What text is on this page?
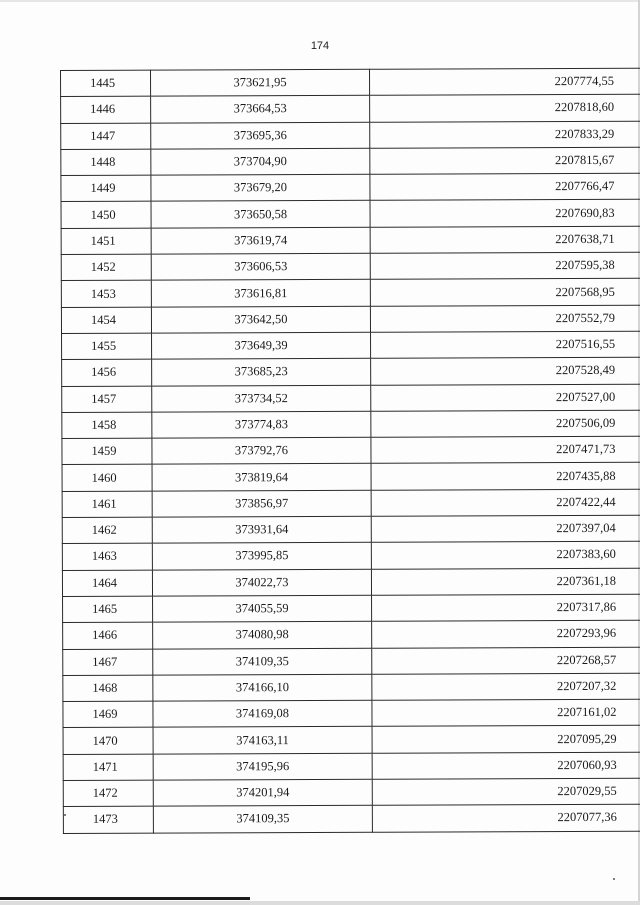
174
1445	373621,95	2207774,55
1446	373664,53	2207818,60
1447	373695,36	2207833,29
1448	373704,90	2207815,67
1449	373679,20	2207766,47
1450	373650,58	2207690,83
1451	373619,74	2207638,71
1452	373606,53	2207595,38
1453	373616,81	2207568,95
1454	373642,50	2207552,79
1455	373649,39	2207516,55
1456	373685,23	2207528,49
1457	373734,52	2207527,00
1458	373774,83	2207506,09
1459	373792,76	2207471,73
1460	373819,64	2207435,88
1461	373856,97	2207422,44
1462	373931,64	2207397,04
1463	373995,85	2207383,60
1464	374022,73	2207361,18
1465	374055,59	2207317,86
1466	374080,98	2207293,96
1467	374109,35	2207268,57
1468	374166,10	2207207,32
1469	374169,08	2207161,02
1470	374163,11	2207095,29
1471	374195,96	2207060,93
1472	374201,94	2207029,55
1473	374109,35	2207077,36
